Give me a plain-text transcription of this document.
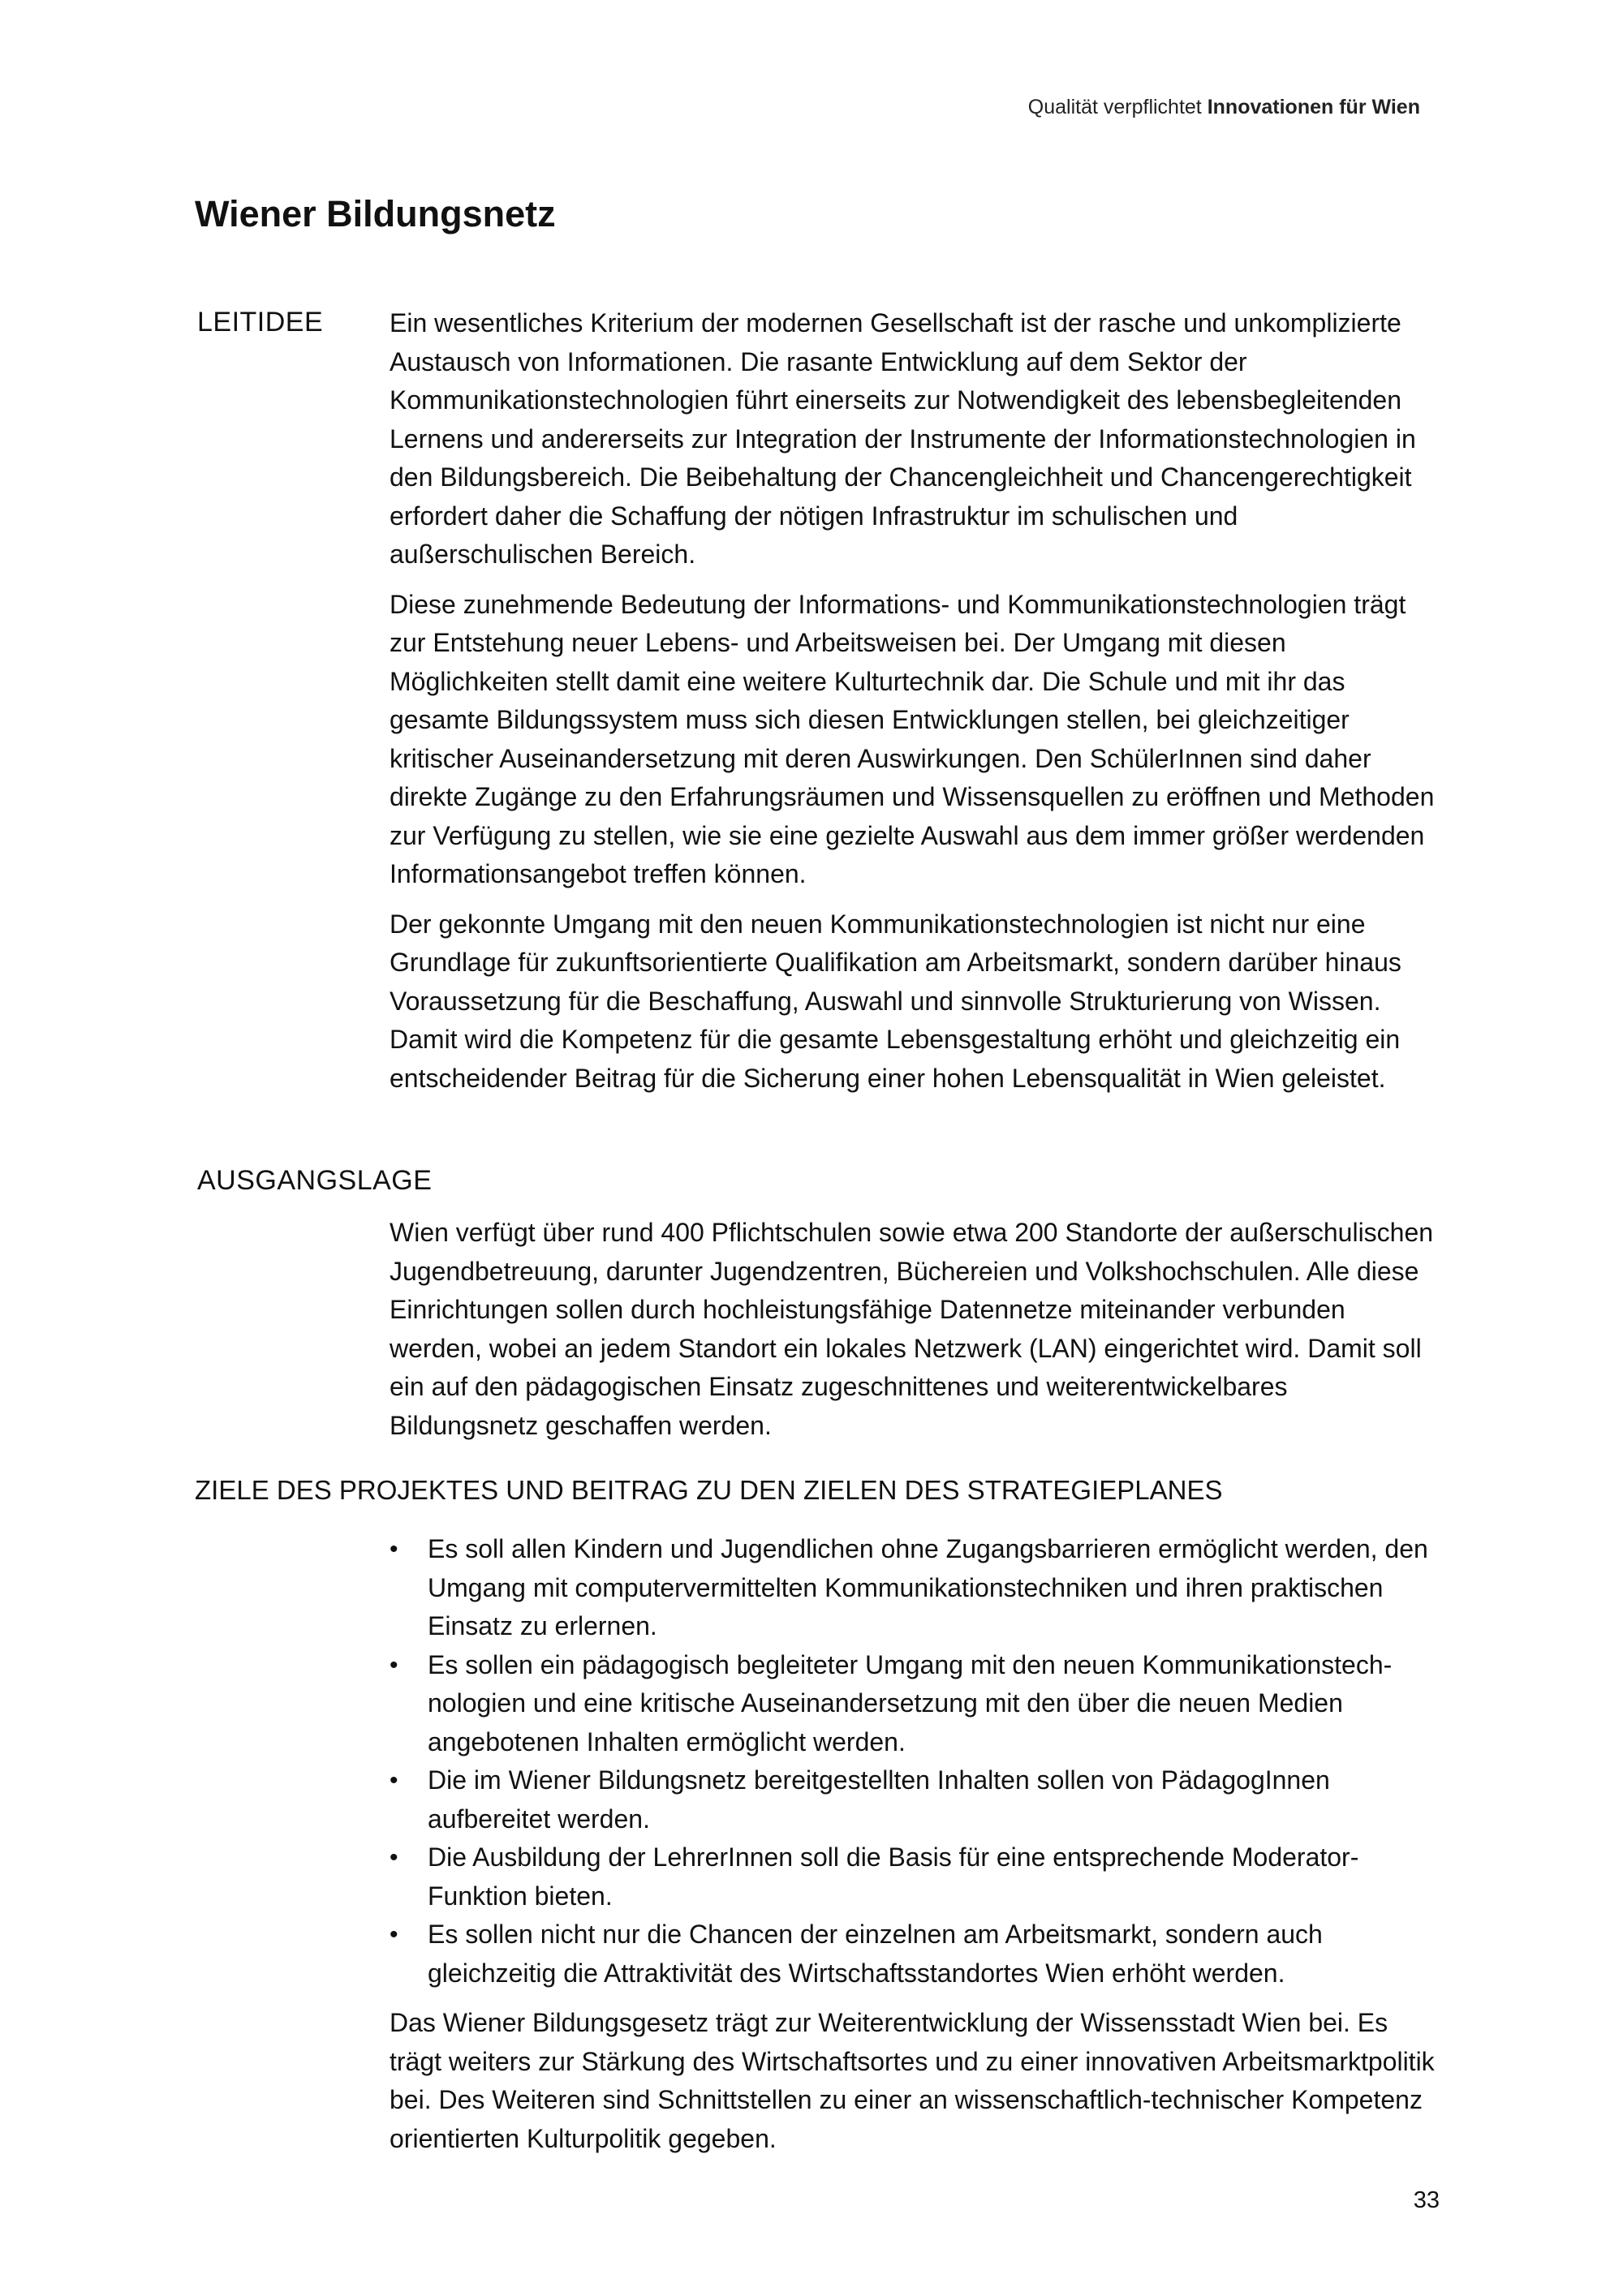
Qualität verpflichtet Innovationen für Wien
Wiener Bildungsnetz
LEITIDEE	Ein wesentliches Kriterium der modernen Gesellschaft ist der rasche und unkomplizierte Austausch von Informationen. Die rasante Entwicklung auf dem Sektor der Kommunikationstechnologien führt einerseits zur Notwendigkeit des lebensbegleitenden Lernens und andererseits zur Integration der Instrumente der Informationstechnologien in den Bildungsbereich. Die Beibehaltung der Chancengleichheit und Chancengerechtigkeit erfordert daher die Schaffung der nötigen Infrastruktur im schulischen und außerschulischen Bereich.

Diese zunehmende Bedeutung der Informations- und Kommunikationstechnologien trägt zur Entstehung neuer Lebens- und Arbeitsweisen bei. Der Umgang mit diesen Möglichkeiten stellt damit eine weitere Kulturtechnik dar. Die Schule und mit ihr das gesamte Bildungssystem muss sich diesen Entwicklungen stellen, bei gleichzeitiger kritischer Auseinandersetzung mit deren Auswirkungen. Den SchülerInnen sind daher direkte Zugänge zu den Erfahrungsräumen und Wissensquellen zu eröffnen und Methoden zur Verfügung zu stellen, wie sie eine gezielte Auswahl aus dem immer größer werdenden Informationsangebot treffen können.

Der gekonnte Umgang mit den neuen Kommunikationstechnologien ist nicht nur eine Grundlage für zukunftsorientierte Qualifikation am Arbeitsmarkt, sondern darüber hinaus Voraussetzung für die Beschaffung, Auswahl und sinnvolle Strukturierung von Wissen. Damit wird die Kompetenz für die gesamte Lebensgestaltung erhöht und gleichzeitig ein entscheidender Beitrag für die Sicherung einer hohen Lebensqualität in Wien geleistet.

AUSGANGSLAGE

Wien verfügt über rund 400 Pflichtschulen sowie etwa 200 Standorte der außerschulischen Jugendbetreuung, darunter Jugendzentren, Büchereien und Volkshochschulen. Alle diese Einrichtungen sollen durch hochleistungsfähige Datennetze miteinander verbunden werden, wobei an jedem Standort ein lokales Netzwerk (LAN) eingerichtet wird. Damit soll ein auf den pädagogischen Einsatz zugeschnittenes und weiterentwickelbares Bildungsnetz geschaffen werden.

ZIELE DES PROJEKTES UND BEITRAG ZU DEN ZIELEN DES STRATEGIEPLANES
• Es soll allen Kindern und Jugendlichen ohne Zugangsbarrieren ermöglicht werden, den Umgang mit computervermittelten Kommunikationstechniken und ihren praktischen Einsatz zu erlernen.
• Es sollen ein pädagogisch begleiteter Umgang mit den neuen Kommunikationstech-nologien und eine kritische Auseinandersetzung mit den über die neuen Medien angebotenen Inhalten ermöglicht werden.
• Die im Wiener Bildungsnetz bereitgestellten Inhalten sollen von PädagogInnen aufbereitet werden.
• Die Ausbildung der LehrerInnen soll die Basis für eine entsprechende Moderator-Funktion bieten.
• Es sollen nicht nur die Chancen der einzelnen am Arbeitsmarkt, sondern auch gleichzeitig die Attraktivität des Wirtschaftsstandortes Wien erhöht werden.

Das Wiener Bildungsgesetz trägt zur Weiterentwicklung der Wissensstadt Wien bei. Es trägt weiters zur Stärkung des Wirtschaftsortes und zu einer innovativen Arbeitsmarktpolitik bei. Des Weiteren sind Schnittstellen zu einer an wissenschaftlich-technischer Kompetenz orientierten Kulturpolitik gegeben.

33
